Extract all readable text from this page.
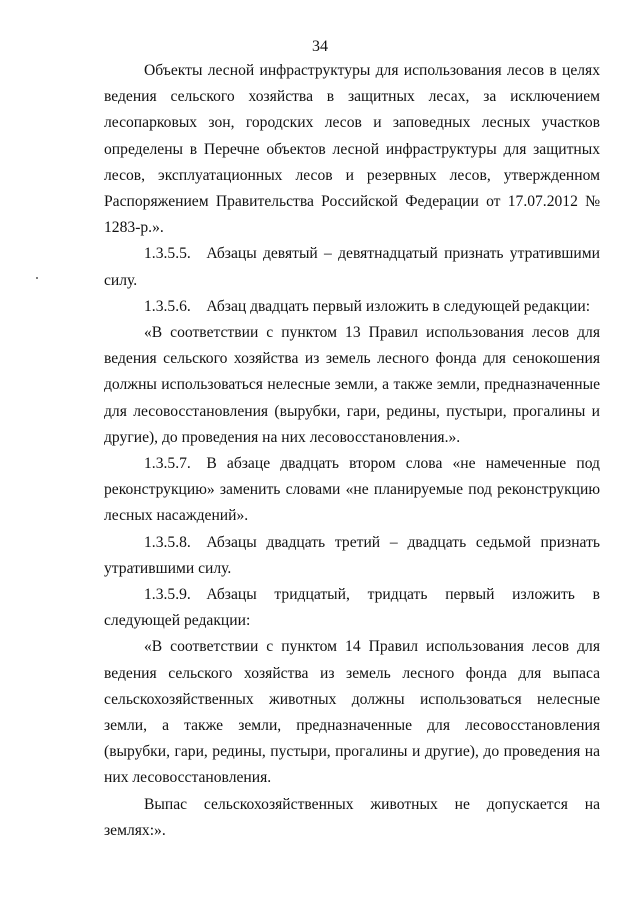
34

Объекты лесной инфраструктуры для использования лесов в целях ведения сельского хозяйства в защитных лесах, за исключением лесопарковых зон, городских лесов и заповедных лесных участков определены в Перечне объектов лесной инфраструктуры для защитных лесов, эксплуатационных лесов и резервных лесов, утвержденном Распоряжением Правительства Российской Федерации от 17.07.2012 № 1283-р.».

1.3.5.5. Абзацы девятый – девятнадцатый признать утратившими силу.

1.3.5.6. Абзац двадцать первый изложить в следующей редакции:

«В соответствии с пунктом 13 Правил использования лесов для ведения сельского хозяйства из земель лесного фонда для сенокошения должны использоваться нелесные земли, а также земли, предназначенные для лесовосстановления (вырубки, гари, редины, пустыри, прогалины и другие), до проведения на них лесовосстановления.».

1.3.5.7. В абзаце двадцать втором слова «не намеченные под реконструкцию» заменить словами «не планируемые под реконструкцию лесных насаждений».

1.3.5.8. Абзацы двадцать третий – двадцать седьмой признать утратившими силу.

1.3.5.9. Абзацы тридцатый, тридцать первый изложить в следующей редакции:

«В соответствии с пунктом 14 Правил использования лесов для ведения сельского хозяйства из земель лесного фонда для выпаса сельскохозяйственных животных должны использоваться нелесные земли, а также земли, предназначенные для лесовосстановления (вырубки, гари, редины, пустыри, прогалины и другие), до проведения на них лесовосстановления.

Выпас сельскохозяйственных животных не допускается на землях:».
